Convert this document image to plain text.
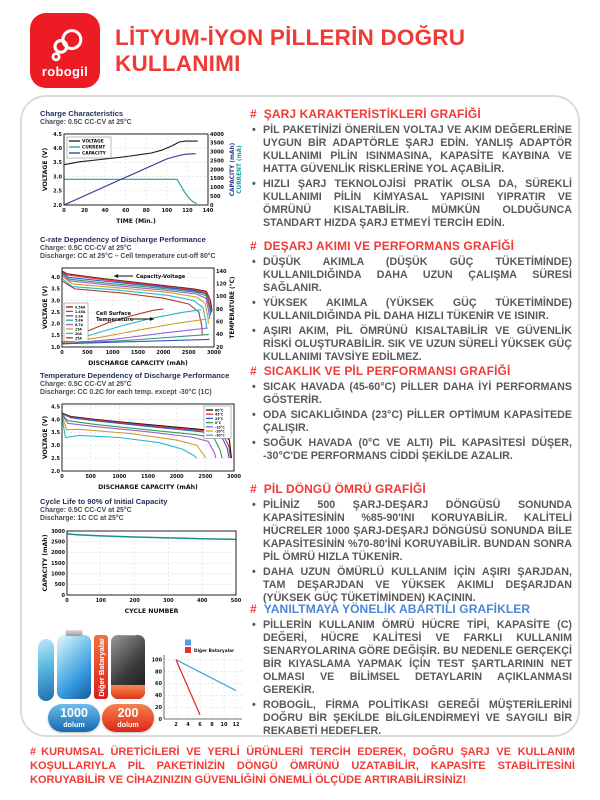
robogil
LİTYUM-İYON PİLLERİN DOĞRU KULLANIMI
Charge Characteristics
Charge: 0.5C CC-CV at 25°C
0	20	40	60	80 100 120 140
2.0
2.5
3.0
3.5
4.0
4.5
0
500
1000
1500
2000
2500
3000
3500
4000
TIME (Min.)
VOLTAGE (V)	CAPACITY (mAh) CURRENT (mA)
VOLTAGE
CURRENT
CAPACITY
C-rate Dependency of Discharge Performance
Charge: 0.5C CC-CV at 25°C
Discharge: CC at 25°C – Cell temperature cut-off 80°C
0	500	1000 1500 2000 2500 3000
1.0
1.5
2.0
2.5
3.0
3.5
4.0
20
40
60
80
100
120
140
DISCHARGE CAPACITY (mAh)
VOLTAGE (V)	TEMPERATURE (°C)
0.58A
1.45A
2.9A
5.8A
8.7A
15A
20A
25A
Capacity-Voltage
Cell Surface
Temperature
Temperature Dependency of Discharge Performance
Charge: 0.5C CC-CV at 25°C
Discharge: CC 0.2C for each temp. except -30°C (1C)
0	500	1000	1500	2000	2500	3000
2.0
2.5
3.0
3.5
4.0
4.5
DISCHARGE CAPACITY (mAh)
VOLTAGE (V)
60°C
45°C
25°C
0°C
-10°C
-20°C
-30°C
Cycle Life to 90% of Initial Capacity
Charge: 0.5C CC-CV at 25°C
Discharge: 1C CC at 25°C
0	100	200	300	400	500
0
500
1000
1500
2000
2500
3000
CYCLE NUMBER
CAPACITY (mAh)
1000
dolum
Diğer Bataryalar
200
dolum	2 4 6 8 10 12
0
20
40
60
80
100
Diğer Bataryalar
# ŞARJ KARAKTERİSTİKLERİ GRAFİĞİ
• PİL PAKETİNİZİ ÖNERİLEN VOLTAJ VE AKIM DEĞERLERİNE UYGUN BİR ADAPTÖRLE ŞARJ EDİN. YANLIŞ ADAPTÖR KULLANIMI PİLİN ISINMASINA, KAPASİTE KAYBINA VE HATTA GÜVENLİK RİSKLERİNE YOL AÇABİLİR.
• HIZLI ŞARJ TEKNOLOJİSİ PRATİK OLSA DA, SÜREKLİ KULLANIMI PİLİN KİMYASAL YAPISINI YIPRATIR VE ÖMRÜNÜ KISALTABİLİR. MÜMKÜN OLDUĞUNCA STANDART HIZDA ŞARJ ETMEYİ TERCİH EDİN.
# DEŞARJ AKIMI VE PERFORMANS GRAFİĞİ
• DÜŞÜK AKIMLA (DÜŞÜK GÜÇ TÜKETİMİNDE) KULLANILDIĞINDA DAHA UZUN ÇALIŞMA SÜRESİ SAĞLANIR.
• YÜKSEK AKIMLA (YÜKSEK GÜÇ TÜKETİMİNDE) KULLANILDIĞINDA PİL DAHA HIZLI TÜKENİR VE ISINIR.
• AŞIRI AKIM, PİL ÖMRÜNÜ KISALTABİLİR VE GÜVENLİK RİSKİ OLUŞTURABİLİR. SIK VE UZUN SÜRELİ YÜKSEK GÜÇ KULLANIMI TAVSİYE EDİLMEZ.
# SICAKLIK VE PİL PERFORMANSI GRAFİĞİ
• SICAK HAVADA (45-60°C) PİLLER DAHA İYİ PERFORMANS GÖSTERİR.
• ODA SICAKLIĞINDA (23°C) PİLLER OPTİMUM KAPASİTEDE ÇALIŞIR.
• SOĞUK HAVADA (0°C VE ALTI) PİL KAPASİTESİ DÜŞER, -30°C'DE PERFORMANS CİDDİ ŞEKİLDE AZALIR.
# PİL DÖNGÜ ÖMRÜ GRAFİĞİ
• PİLİNİZ 500 ŞARJ-DEŞARJ DÖNGÜSÜ SONUNDA KAPASİTESİNİN %85-90'INI KORUYABİLİR. KALİTELİ HÜCRELER 1000 ŞARJ-DEŞARJ DÖNGÜSÜ SONUNDA BİLE KAPASİTESİNİN %70-80'İNİ KORUYABİLİR. BUNDAN SONRA PİL ÖMRÜ HIZLA TÜKENİR.
• DAHA UZUN ÖMÜRLÜ KULLANIM İÇİN AŞIRI ŞARJDAN, TAM DEŞARJDAN VE YÜKSEK AKIMLI DEŞARJDAN (YÜKSEK GÜÇ TÜKETİMİNDEN) KAÇININ.
# YANILTMAYA YÖNELİK ABARTILI GRAFİKLER
• PİLLERİN KULLANIM ÖMRÜ HÜCRE TİPİ, KAPASİTE (C) DEĞERİ, HÜCRE KALİTESİ VE FARKLI KULLANIM SENARYOLARINA GÖRE DEĞİŞİR. BU NEDENLE GERÇEKÇİ BİR KIYASLAMA YAPMAK İÇİN TEST ŞARTLARININ NET OLMASI VE BİLİMSEL DETAYLARIN AÇIKLANMASI GEREKİR.
• ROBOGİL, FİRMA POLİTİKASI GEREĞİ MÜŞTERİLERİNİ DOĞRU BİR ŞEKİLDE BİLGİLENDİRMEYİ VE SAYGILI BİR REKABETİ HEDEFLER.
# KURUMSAL ÜRETİCİLERİ VE YERLİ ÜRÜNLERİ TERCİH EDEREK, DOĞRU ŞARJ VE KULLANIM KOŞULLARIYLA PİL PAKETİNİZİN DÖNGÜ ÖMRÜNÜ UZATABİLİR, KAPASİTE STABİLİTESİNİ KORUYABİLİR VE CİHAZINIZIN GÜVENLİĞİNİ ÖNEMLİ ÖLÇÜDE ARTIRABİLİRSİNİZ!
